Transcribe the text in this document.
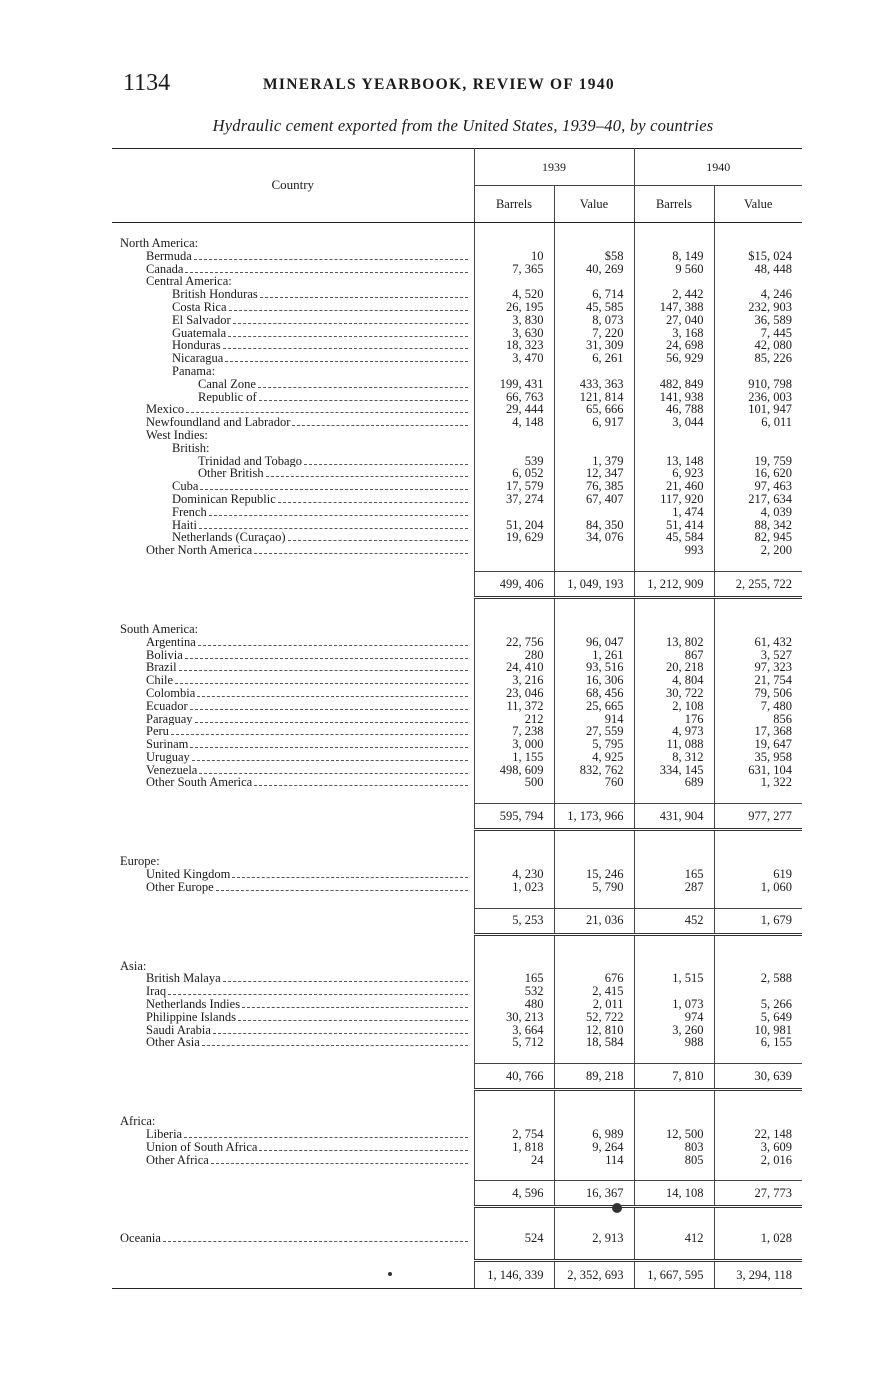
1134	MINERALS YEARBOOK, REVIEW OF 1940
Hydraulic cement exported from the United States, 1939–40, by countries
Country	1939		1940	
	Barrels	Value	Barrels	Value

North America:				

Bermuda	10	$58	8, 149	$15, 024

Canada	7, 365	40, 269	9 560	48, 448
Central America:				

British Honduras	4, 520	6, 714	2, 442	4, 246

Costa Rica	26, 195	45, 585	147, 388	232, 903

El Salvador	3, 830	8, 073	27, 040	36, 589

Guatemala	3, 630	7, 220	3, 168	7, 445

Honduras	18, 323	31, 309	24, 698	42, 080

Nicaragua	3, 470	6, 261	56, 929	85, 226
Panama:				

Canal Zone	199, 431	433, 363	482, 849	910, 798

Republic of	66, 763	121, 814	141, 938	236, 003

Mexico	29, 444	65, 666	46, 788	101, 947

Newfoundland and Labrador	4, 148	6, 917	3, 044	6, 011
West Indies:				
British:				

Trinidad and Tobago	539	1, 379	13, 148	19, 759

Other British	6, 052	12, 347	6, 923	16, 620

Cuba	17, 579	76, 385	21, 460	97, 463

Dominican Republic	37, 274	67, 407	117, 920	217, 634

French			1, 474	4, 039

Haiti	51, 204	84, 350	51, 414	88, 342

Netherlands (Curaçao)	19, 629	34, 076	45, 584	82, 945

Other North America			993	2, 200

	499, 406	1, 049, 193	1, 212, 909	2, 255, 722

South America:				

Argentina	22, 756	96, 047	13, 802	61, 432

Bolivia	280	1, 261	867	3, 527

Brazil	24, 410	93, 516	20, 218	97, 323

Chile	3, 216	16, 306	4, 804	21, 754

Colombia	23, 046	68, 456	30, 722	79, 506

Ecuador	11, 372	25, 665	2, 108	7, 480

Paraguay	212	914	176	856

Peru	7, 238	27, 559	4, 973	17, 368

Surinam	3, 000	5, 795	11, 088	19, 647

Uruguay	1, 155	4, 925	8, 312	35, 958

Venezuela	498, 609	832, 762	334, 145	631, 104

Other South America	500	760	689	1, 322

	595, 794	1, 173, 966	431, 904	977, 277

Europe:				

United Kingdom	4, 230	15, 246	165	619

Other Europe	1, 023	5, 790	287	1, 060

	5, 253	21, 036	452	1, 679

Asia:				

British Malaya	165	676	1, 515	2, 588

Iraq	532	2, 415		

Netherlands Indies	480	2, 011	1, 073	5, 266

Philippine Islands	30, 213	52, 722	974	5, 649

Saudi Arabia	3, 664	12, 810	3, 260	10, 981

Other Asia	5, 712	18, 584	988	6, 155

	40, 766	89, 218	7, 810	30, 639

Africa:				

Liberia	2, 754	6, 989	12, 500	22, 148

Union of South Africa	1, 818	9, 264	803	3, 609

Other Africa	24	114	805	2, 016

	4, 596	16, 367	14, 108	27, 773

Oceania	524	2, 913	412	1, 028

	1, 146, 339	2, 352, 693	1, 667, 595	3, 294, 118
